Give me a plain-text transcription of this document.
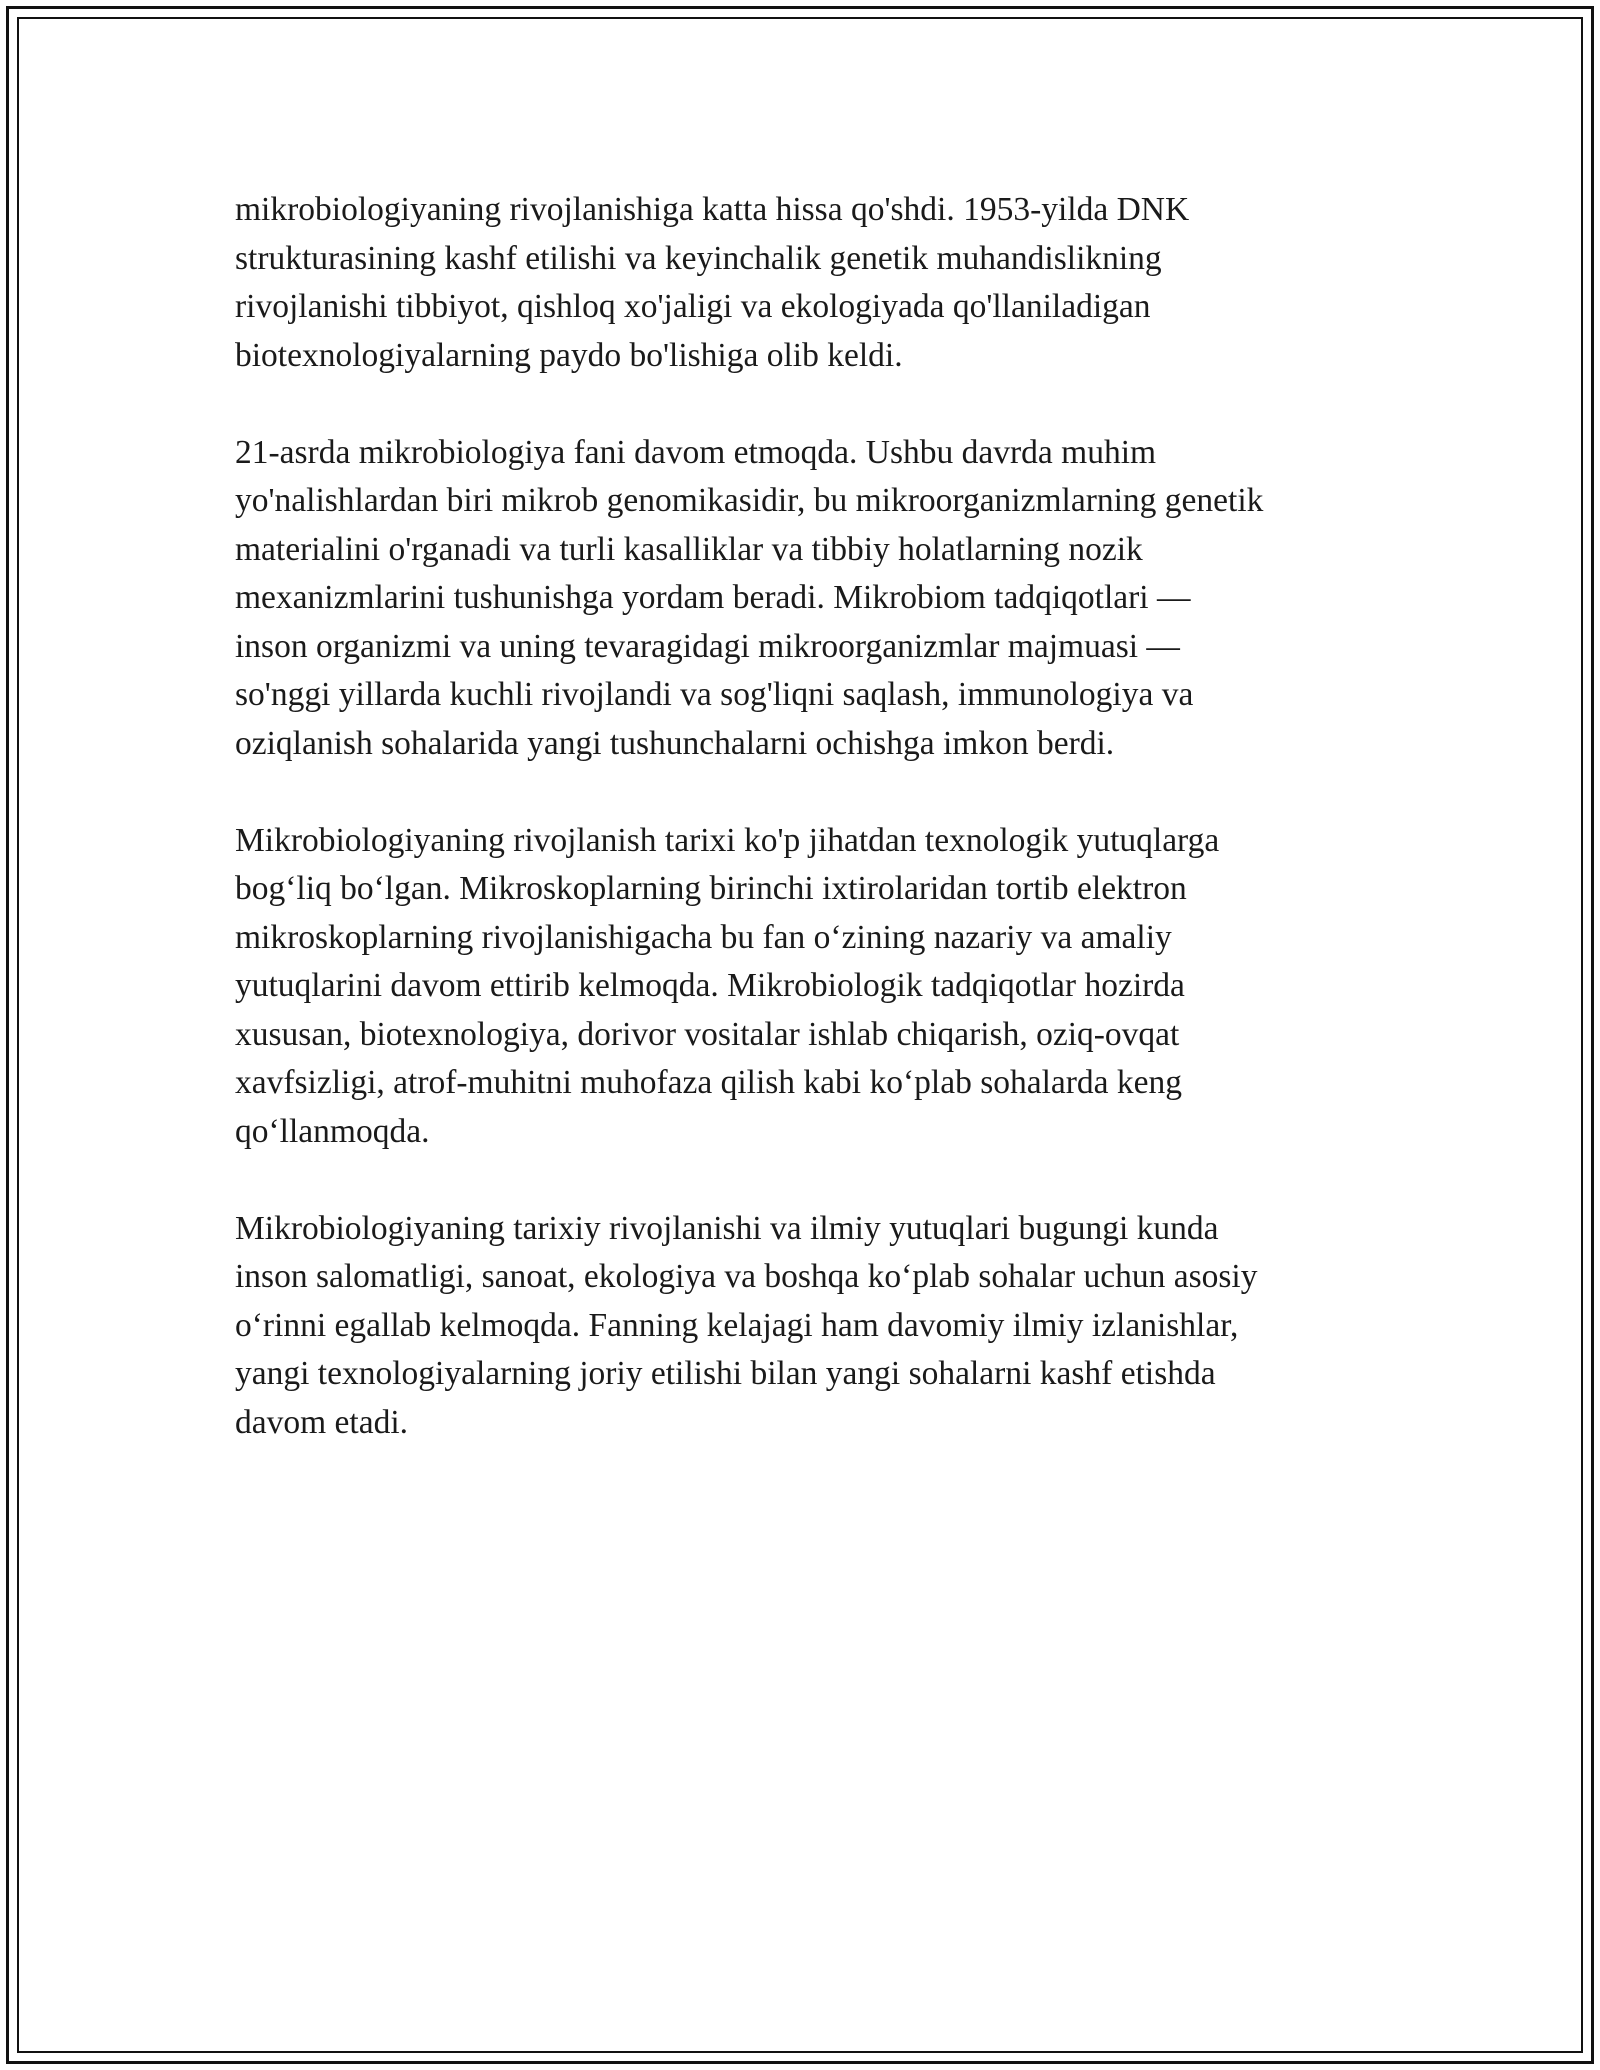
mikrobiologiyaning rivojlanishiga katta hissa qo'shdi. 1953-yilda DNK
strukturasining kashf etilishi va keyinchalik genetik muhandislikning
rivojlanishi tibbiyot, qishloq xo'jaligi va ekologiyada qo'llaniladigan
biotexnologiyalarning paydo bo'lishiga olib keldi.

21-asrda mikrobiologiya fani davom etmoqda. Ushbu davrda muhim
yo'nalishlardan biri mikrob genomikasidir, bu mikroorganizmlarning genetik
materialini o'rganadi va turli kasalliklar va tibbiy holatlarning nozik
mexanizmlarini tushunishga yordam beradi. Mikrobiom tadqiqotlari —
inson organizmi va uning tevaragidagi mikroorganizmlar majmuasi —
so'nggi yillarda kuchli rivojlandi va sog'liqni saqlash, immunologiya va
oziqlanish sohalarida yangi tushunchalarni ochishga imkon berdi.

Mikrobiologiyaning rivojlanish tarixi ko'p jihatdan texnologik yutuqlarga
bog‘liq bo‘lgan. Mikroskoplarning birinchi ixtirolaridan tortib elektron
mikroskoplarning rivojlanishigacha bu fan o‘zining nazariy va amaliy
yutuqlarini davom ettirib kelmoqda. Mikrobiologik tadqiqotlar hozirda
xususan, biotexnologiya, dorivor vositalar ishlab chiqarish, oziq-ovqat
xavfsizligi, atrof-muhitni muhofaza qilish kabi ko‘plab sohalarda keng
qo‘llanmoqda.

Mikrobiologiyaning tarixiy rivojlanishi va ilmiy yutuqlari bugungi kunda
inson salomatligi, sanoat, ekologiya va boshqa ko‘plab sohalar uchun asosiy
o‘rinni egallab kelmoqda. Fanning kelajagi ham davomiy ilmiy izlanishlar,
yangi texnologiyalarning joriy etilishi bilan yangi sohalarni kashf etishda
davom etadi.
